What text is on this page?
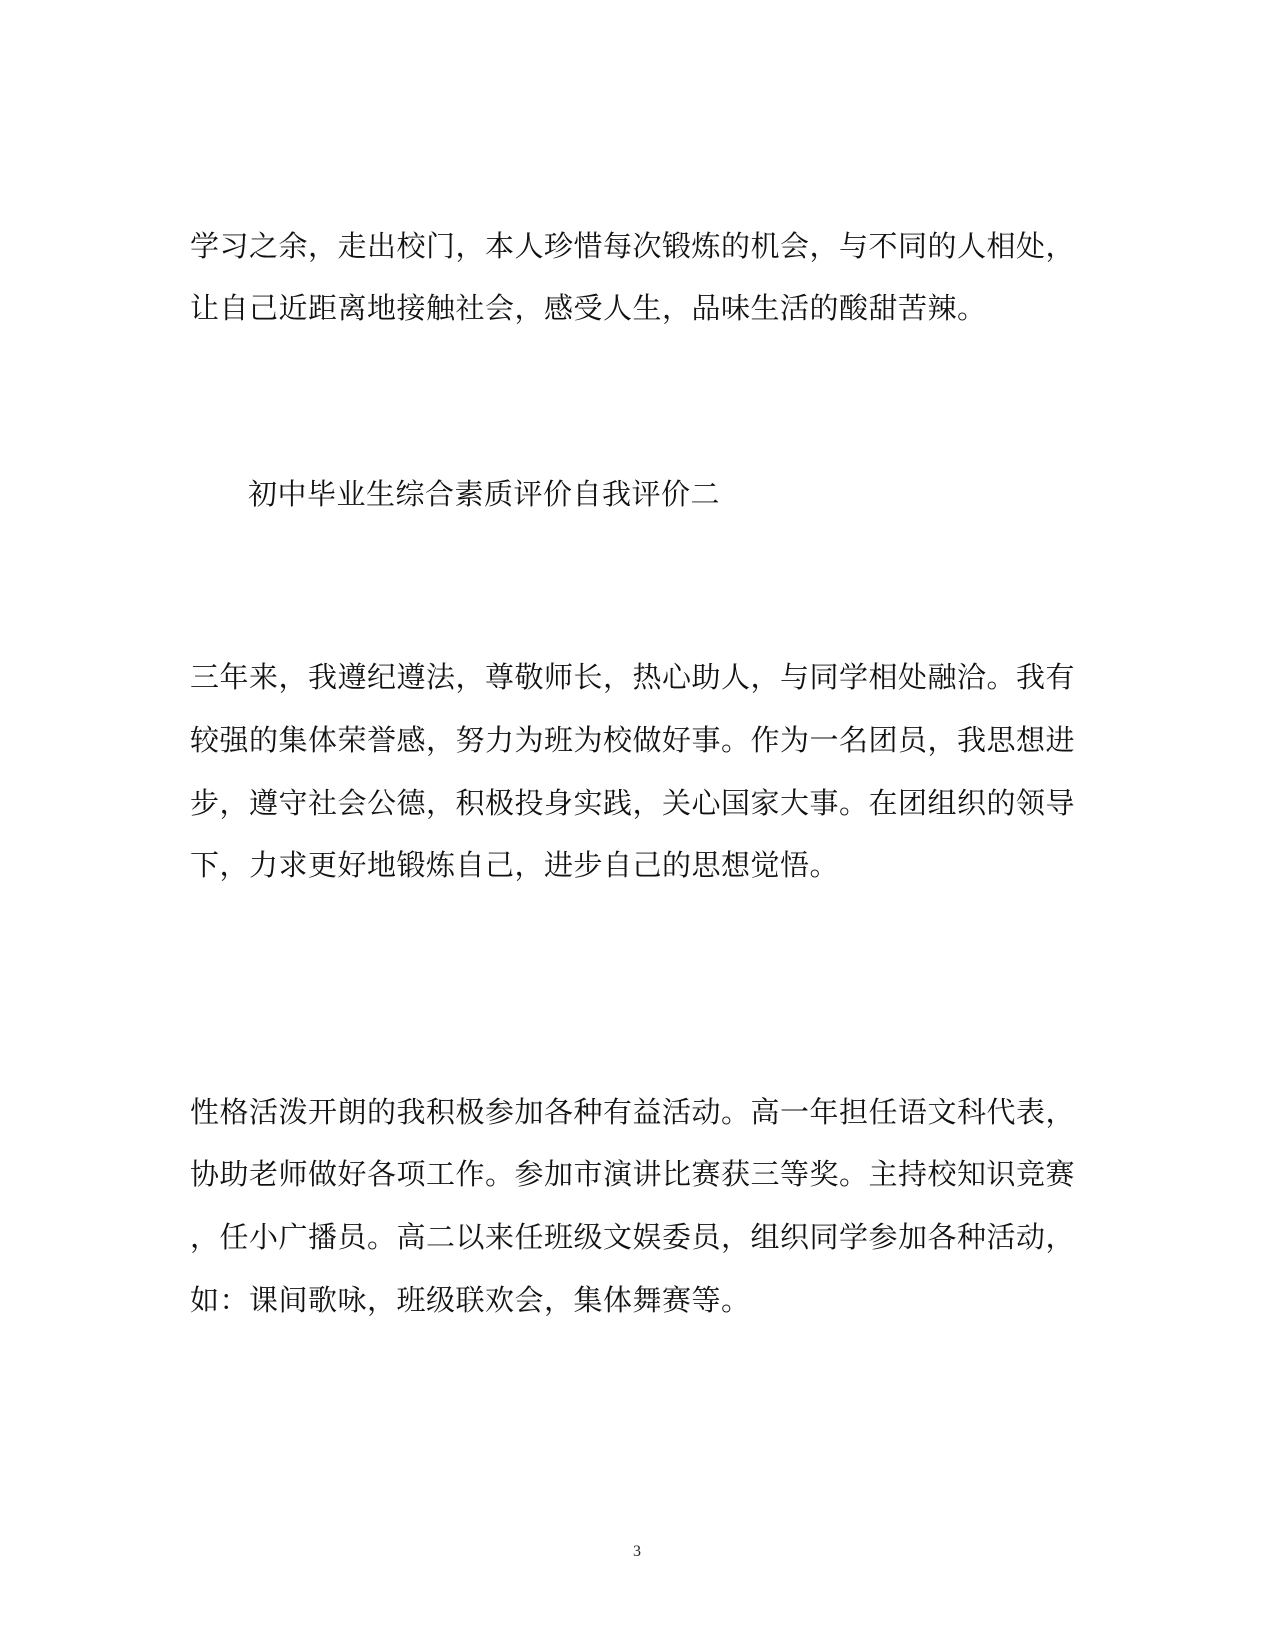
学习之余，走出校门，本人珍惜每次锻炼的机会，与不同的人相处，
让自己近距离地接触社会，感受人生，品味生活的酸甜苦辣。
初中毕业生综合素质评价自我评价二
三年来，我遵纪遵法，尊敬师长，热心助人，与同学相处融洽。我有
较强的集体荣誉感，努力为班为校做好事。作为一名团员，我思想进
步，遵守社会公德，积极投身实践，关心国家大事。在团组织的领导
下，力求更好地锻炼自己，进步自己的思想觉悟。
性格活泼开朗的我积极参加各种有益活动。高一年担任语文科代表，
协助老师做好各项工作。参加市演讲比赛获三等奖。主持校知识竞赛
，任小广播员。高二以来任班级文娱委员，组织同学参加各种活动，
如：课间歌咏，班级联欢会，集体舞赛等。
3
